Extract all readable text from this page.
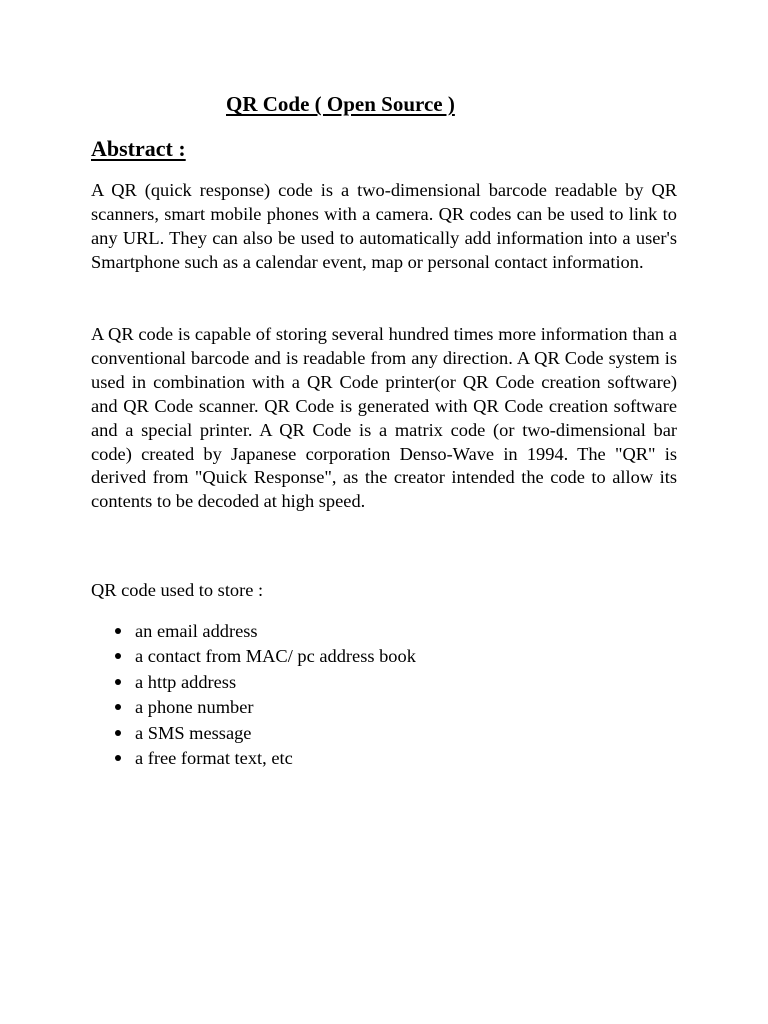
QR Code ( Open Source )
Abstract :

A QR (quick response) code is a two-dimensional barcode readable by QR scanners, smart mobile phones with a camera. QR codes can be used to link to any URL. They can also be used to automatically add information into a user's Smartphone such as a calendar event, map or personal contact information.

A QR code is capable of storing several hundred times more information than a conventional barcode and is readable from any direction. A QR Code system is used in combination with a QR Code printer(or QR Code creation software) and QR Code scanner. QR Code is generated with QR Code creation software and a special printer. A QR Code is a matrix code (or two-dimensional bar code) created by Japanese corporation Denso-Wave in 1994. The "QR" is derived from "Quick Response", as the creator intended the code to allow its contents to be decoded at high speed.

QR code used to store :

an email address
a contact from MAC/ pc address book
a http address
a phone number
a SMS message
a free format text, etc
